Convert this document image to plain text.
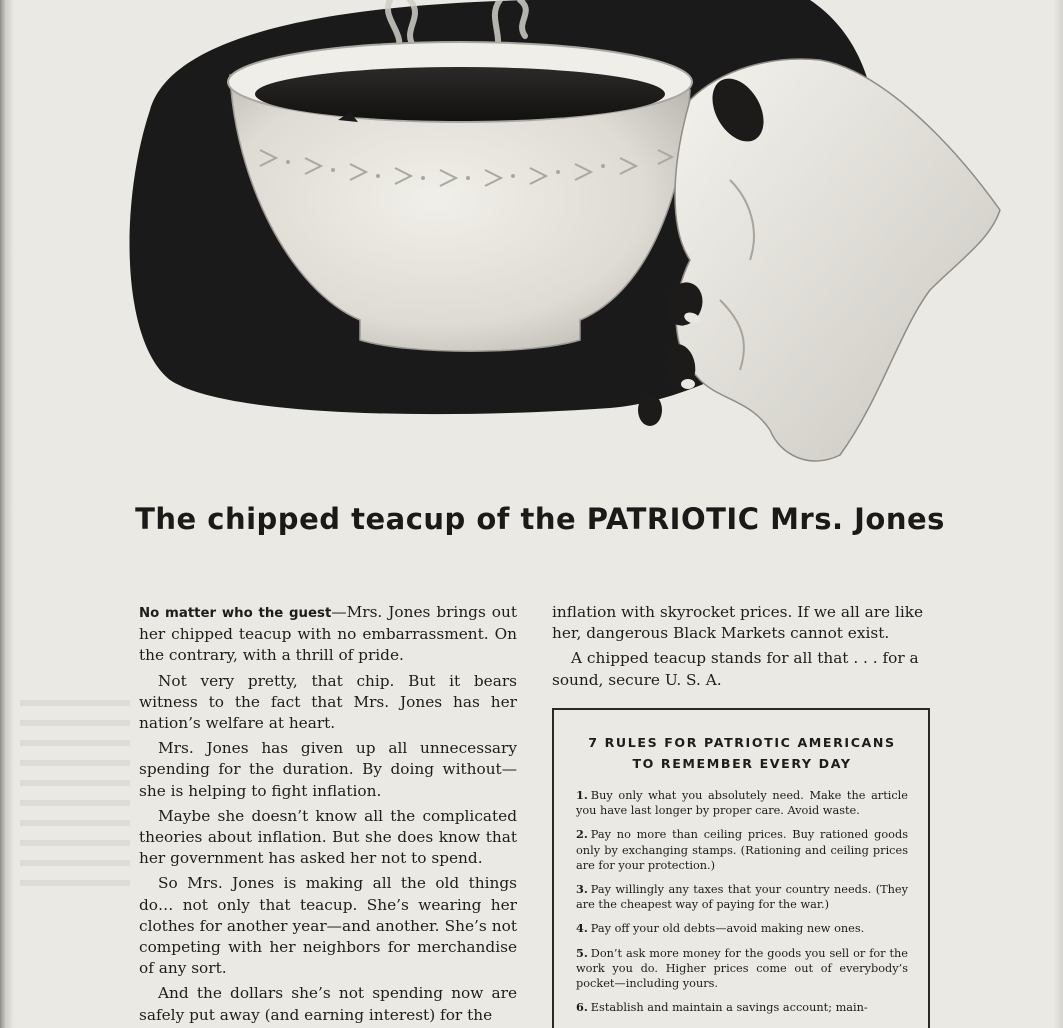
The chipped teacup of the PATRIOTIC Mrs. Jones

No matter who the guest—Mrs. Jones brings out her chipped teacup with no embarrassment. On the contrary, with a thrill of pride.

Not very pretty, that chip. But it bears witness to the fact that Mrs. Jones has her nation’s welfare at heart.

Mrs. Jones has given up all unnecessary spending for the duration. By doing without—she is helping to fight inflation.

Maybe she doesn’t know all the complicated theories about inflation. But she does know that her government has asked her not to spend.

So Mrs. Jones is making all the old things do… not only that teacup. She’s wearing her clothes for another year—and another. She’s not competing with her neighbors for merchandise of any sort.

And the dollars she’s not spending now are safely put away (and earning interest) for the

inflation with skyrocket prices. If we all are like her, dangerous Black Markets cannot exist.

A chipped teacup stands for all that . . . for a sound, secure U. S. A.

7 RULES FOR PATRIOTIC AMERICANS
TO REMEMBER EVERY DAY

1. Buy only what you absolutely need. Make the article you have last longer by proper care. Avoid waste.

2. Pay no more than ceiling prices. Buy rationed goods only by exchanging stamps. (Rationing and ceiling prices are for your protection.)

3. Pay willingly any taxes that your country needs. (They are the cheapest way of paying for the war.)

4. Pay off your old debts—avoid making new ones.

5. Don’t ask more money for the goods you sell or for the work you do. Higher prices come out of everybody’s pocket—including yours.

6. Establish and maintain a savings account; main-
